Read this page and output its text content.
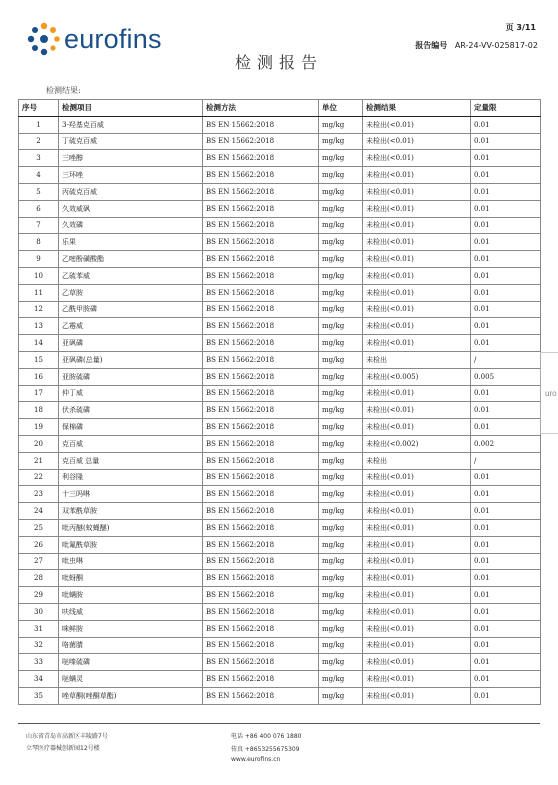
eurofins	页 3/11
报告编号 AR-24-VV-025817-02
检测报告
检测结果:
序号	检测项目	检测方法	单位	检测结果	定量限
1	3-羟基克百威	BS EN 15662:2018	mg/kg	未检出(<0.01)	0.01
2	丁硫克百威	BS EN 15662:2018	mg/kg	未检出(<0.01)	0.01
3	三唑醇	BS EN 15662:2018	mg/kg	未检出(<0.01)	0.01
4	三环唑	BS EN 15662:2018	mg/kg	未检出(<0.01)	0.01
5	丙硫克百威	BS EN 15662:2018	mg/kg	未检出(<0.01)	0.01
6	久效威砜	BS EN 15662:2018	mg/kg	未检出(<0.01)	0.01
7	久效磷	BS EN 15662:2018	mg/kg	未检出(<0.01)	0.01
8	乐果	BS EN 15662:2018	mg/kg	未检出(<0.01)	0.01
9	乙嘧酚磺酸酯	BS EN 15662:2018	mg/kg	未检出(<0.01)	0.01
10	乙硫苯威	BS EN 15662:2018	mg/kg	未检出(<0.01)	0.01
11	乙草胺	BS EN 15662:2018	mg/kg	未检出(<0.01)	0.01
12	乙酰甲胺磷	BS EN 15662:2018	mg/kg	未检出(<0.01)	0.01
13	乙霉威	BS EN 15662:2018	mg/kg	未检出(<0.01)	0.01
14	亚砜磷	BS EN 15662:2018	mg/kg	未检出(<0.01)	0.01
15	亚砜磷(总量)	BS EN 15662:2018	mg/kg	未检出	/
16	亚胺硫磷	BS EN 15662:2018	mg/kg	未检出(<0.005)	0.005
17	仲丁威	BS EN 15662:2018	mg/kg	未检出(<0.01)	0.01
18	伏杀硫磷	BS EN 15662:2018	mg/kg	未检出(<0.01)	0.01
19	保棉磷	BS EN 15662:2018	mg/kg	未检出(<0.01)	0.01
20	克百威	BS EN 15662:2018	mg/kg	未检出(<0.002)	0.002
21	克百威 总量	BS EN 15662:2018	mg/kg	未检出	/
22	利谷隆	BS EN 15662:2018	mg/kg	未检出(<0.01)	0.01
23	十三吗啉	BS EN 15662:2018	mg/kg	未检出(<0.01)	0.01
24	双苯酰草胺	BS EN 15662:2018	mg/kg	未检出(<0.01)	0.01
25	吡丙醚(蚊蝇醚)	BS EN 15662:2018	mg/kg	未检出(<0.01)	0.01
26	吡氟酰草胺	BS EN 15662:2018	mg/kg	未检出(<0.01)	0.01
27	吡虫啉	BS EN 15662:2018	mg/kg	未检出(<0.01)	0.01
28	吡蚜酮	BS EN 15662:2018	mg/kg	未检出(<0.01)	0.01
29	吡螨胺	BS EN 15662:2018	mg/kg	未检出(<0.01)	0.01
30	呋线威	BS EN 15662:2018	mg/kg	未检出(<0.01)	0.01
31	咪鲜胺	BS EN 15662:2018	mg/kg	未检出(<0.01)	0.01
32	咯菌腈	BS EN 15662:2018	mg/kg	未检出(<0.01)	0.01
33	哒嗪硫磷	BS EN 15662:2018	mg/kg	未检出(<0.01)	0.01
34	哒螨灵	BS EN 15662:2018	mg/kg	未检出(<0.01)	0.01
35	唑草酮(唑酮草酯)	BS EN 15662:2018	mg/kg	未检出(<0.01)	0.01
uro
山东省青岛市高新区丰陵路7号
立琴医疗器械创新园12号楼
电话 +86 400 076 1880
传真 +8653255675309
www.eurofins.cn
